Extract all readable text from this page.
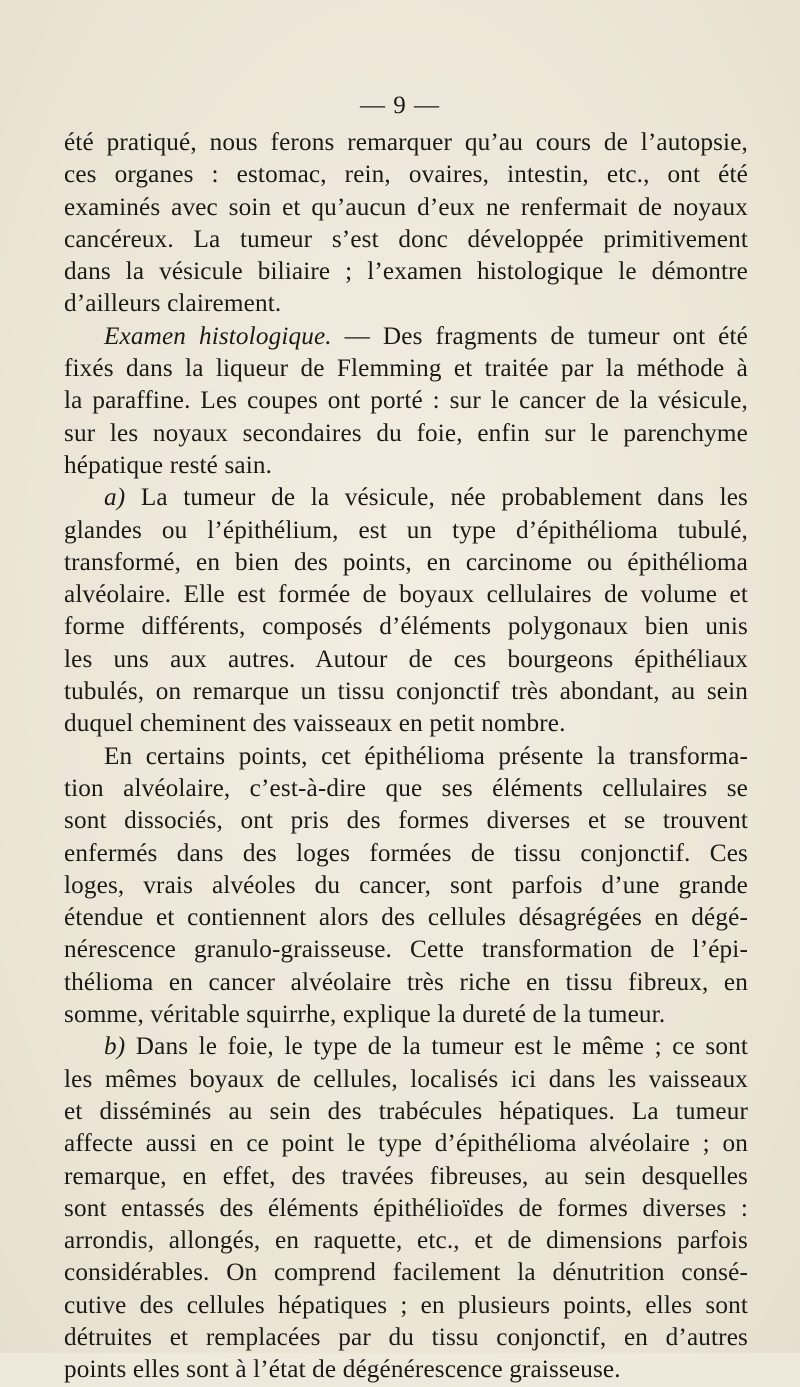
— 9 —
été pratiqué, nous ferons remarquer qu’au cours de l’autopsie,
ces organes : estomac, rein, ovaires, intestin, etc., ont été
examinés avec soin et qu’aucun d’eux ne renfermait de noyaux
cancéreux. La tumeur s’est donc développée primitivement
dans la vésicule biliaire ; l’examen histologique le démontre
d’ailleurs clairement.
Examen histologique. — Des fragments de tumeur ont été
fixés dans la liqueur de Flemming et traitée par la méthode à
la paraffine. Les coupes ont porté : sur le cancer de la vésicule,
sur les noyaux secondaires du foie, enfin sur le parenchyme
hépatique resté sain.
a) La tumeur de la vésicule, née probablement dans les
glandes ou l’épithélium, est un type d’épithélioma tubulé,
transformé, en bien des points, en carcinome ou épithélioma
alvéolaire. Elle est formée de boyaux cellulaires de volume et
forme différents, composés d’éléments polygonaux bien unis
les uns aux autres. Autour de ces bourgeons épithéliaux
tubulés, on remarque un tissu conjonctif très abondant, au sein
duquel cheminent des vaisseaux en petit nombre.
En certains points, cet épithélioma présente la transforma-
tion alvéolaire, c’est-à-dire que ses éléments cellulaires se
sont dissociés, ont pris des formes diverses et se trouvent
enfermés dans des loges formées de tissu conjonctif. Ces
loges, vrais alvéoles du cancer, sont parfois d’une grande
étendue et contiennent alors des cellules désagrégées en dégé-
nérescence granulo-graisseuse. Cette transformation de l’épi-
thélioma en cancer alvéolaire très riche en tissu fibreux, en
somme, véritable squirrhe, explique la dureté de la tumeur.
b) Dans le foie, le type de la tumeur est le même ; ce sont
les mêmes boyaux de cellules, localisés ici dans les vaisseaux
et disséminés au sein des trabécules hépatiques. La tumeur
affecte aussi en ce point le type d’épithélioma alvéolaire ; on
remarque, en effet, des travées fibreuses, au sein desquelles
sont entassés des éléments épithélioïdes de formes diverses :
arrondis, allongés, en raquette, etc., et de dimensions parfois
considérables. On comprend facilement la dénutrition consé-
cutive des cellules hépatiques ; en plusieurs points, elles sont
détruites et remplacées par du tissu conjonctif, en d’autres
points elles sont à l’état de dégénérescence graisseuse.
